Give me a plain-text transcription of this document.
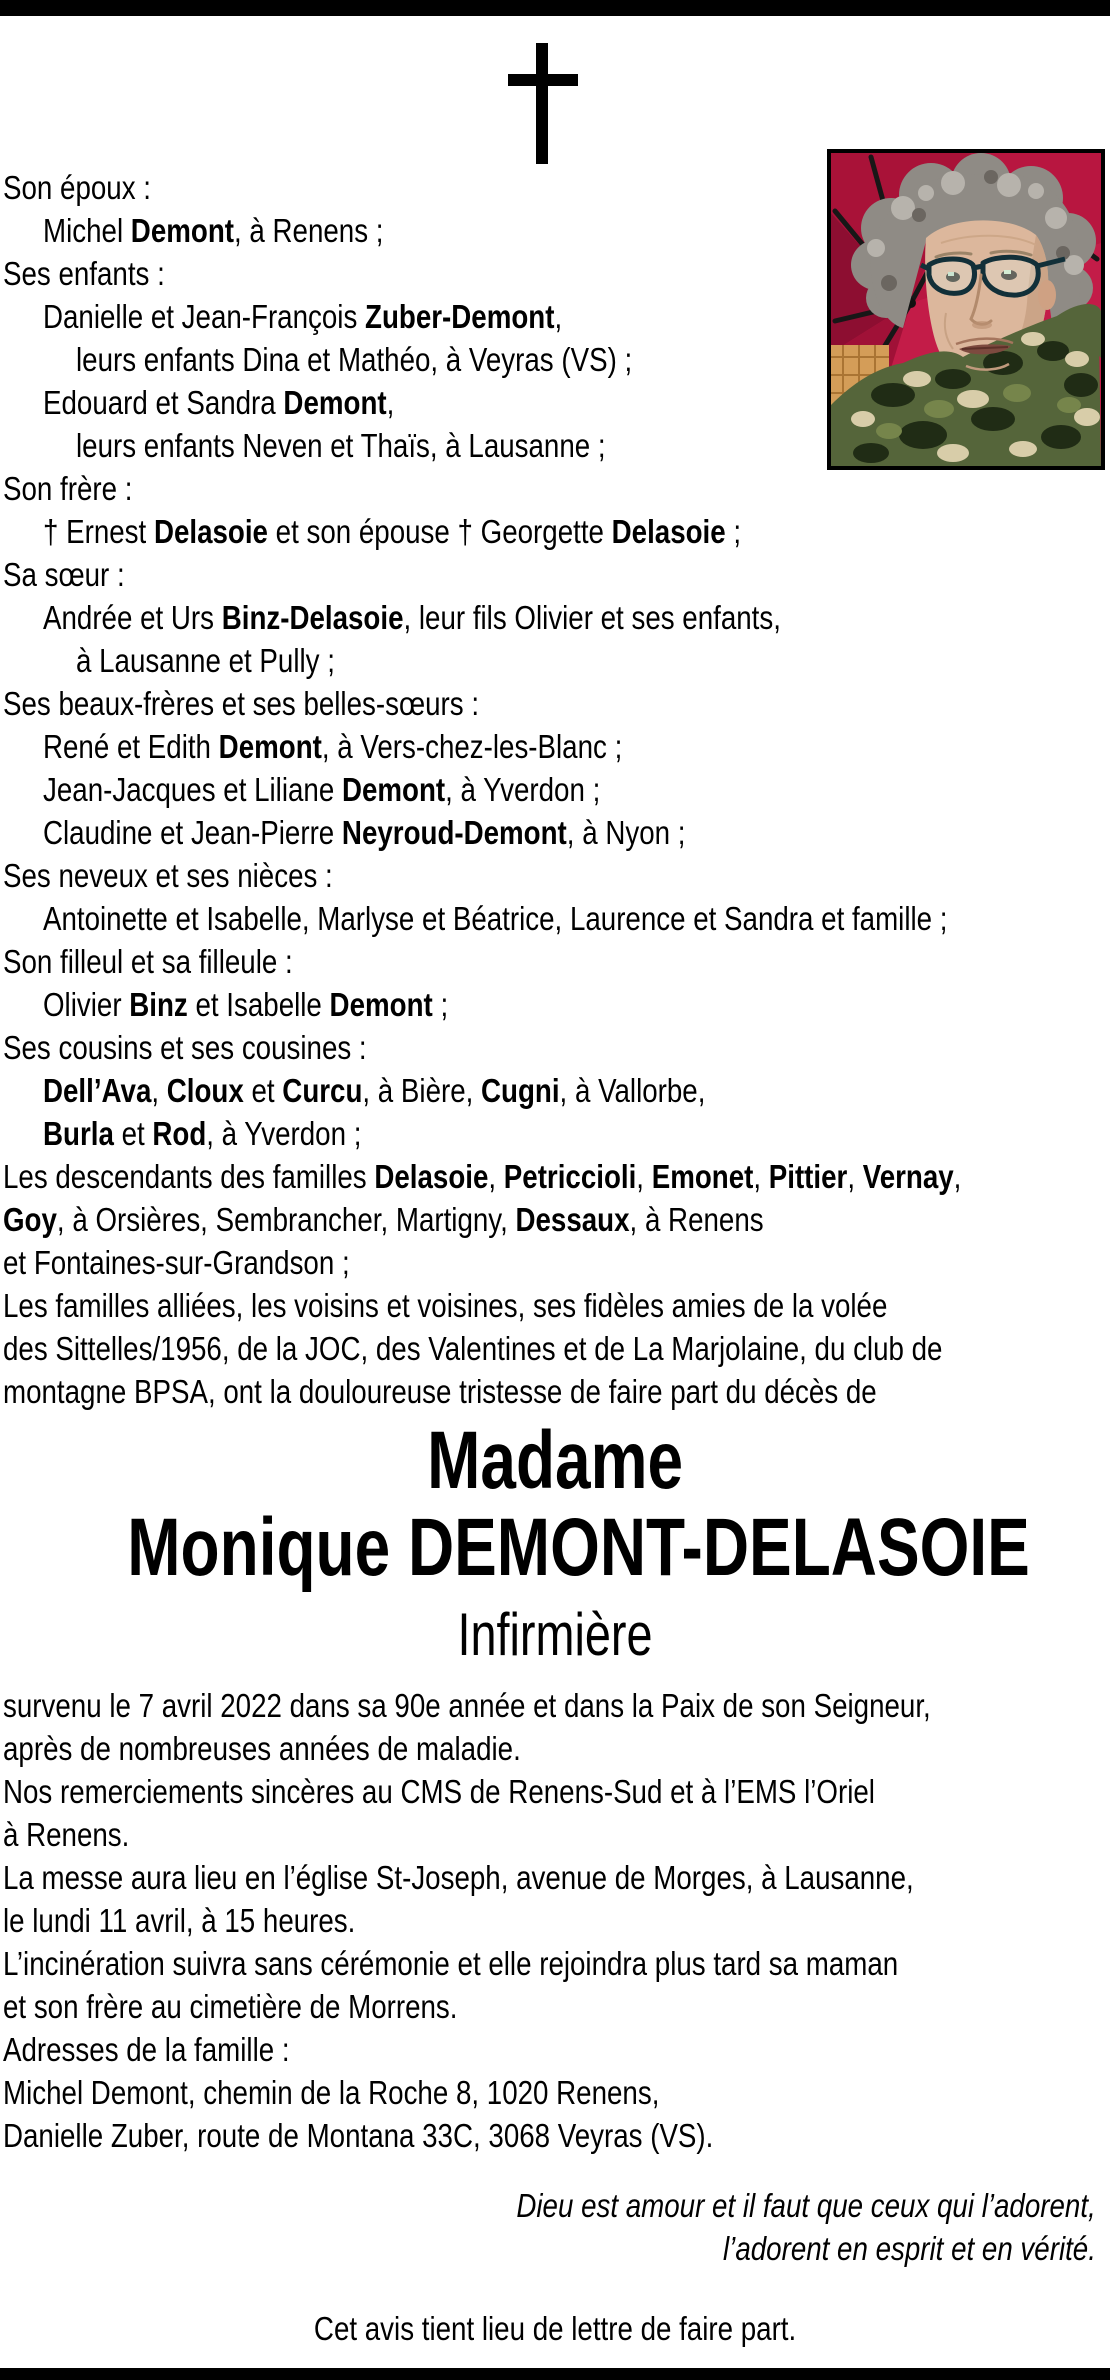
Son époux :
Michel Demont, à Renens ;
Ses enfants :
Danielle et Jean-François Zuber-Demont,
leurs enfants Dina et Mathéo, à Veyras (VS) ;
Edouard et Sandra Demont,
leurs enfants Neven et Thaïs, à Lausanne ;
Son frère :
† Ernest Delasoie et son épouse † Georgette Delasoie ;
Sa sœur :
Andrée et Urs Binz-Delasoie, leur fils Olivier et ses enfants,
à Lausanne et Pully ;
Ses beaux-frères et ses belles-sœurs :
René et Edith Demont, à Vers-chez-les-Blanc ;
Jean-Jacques et Liliane Demont, à Yverdon ;
Claudine et Jean-Pierre Neyroud-Demont, à Nyon ;
Ses neveux et ses nièces :
Antoinette et Isabelle, Marlyse et Béatrice, Laurence et Sandra et famille ;
Son filleul et sa filleule :
Olivier Binz et Isabelle Demont ;
Ses cousins et ses cousines :
Dell’Ava, Cloux et Curcu, à Bière, Cugni, à Vallorbe,
Burla et Rod, à Yverdon ;
Les descendants des familles Delasoie, Petriccioli, Emonet, Pittier, Vernay,
Goy, à Orsières, Sembrancher, Martigny, Dessaux, à Renens
et Fontaines-sur-Grandson ;
Les familles alliées, les voisins et voisines, ses fidèles amies de la volée
des Sittelles/1956, de la JOC, des Valentines et de La Marjolaine, du club de
montagne BPSA, ont la douloureuse tristesse de faire part du décès de
Madame
Monique DEMONT-DELASOIE
Infirmière
survenu le 7 avril 2022 dans sa 90e année et dans la Paix de son Seigneur,
après de nombreuses années de maladie.
Nos remerciements sincères au CMS de Renens-Sud et à l’EMS l’Oriel
à Renens.
La messe aura lieu en l’église St-Joseph, avenue de Morges, à Lausanne,
le lundi 11 avril, à 15 heures.
L’incinération suivra sans cérémonie et elle rejoindra plus tard sa maman
et son frère au cimetière de Morrens.
Adresses de la famille :
Michel Demont, chemin de la Roche 8, 1020 Renens,
Danielle Zuber, route de Montana 33C, 3068 Veyras (VS).
Dieu est amour et il faut que ceux qui l’adorent,
l’adorent en esprit et en vérité.
Cet avis tient lieu de lettre de faire part.
